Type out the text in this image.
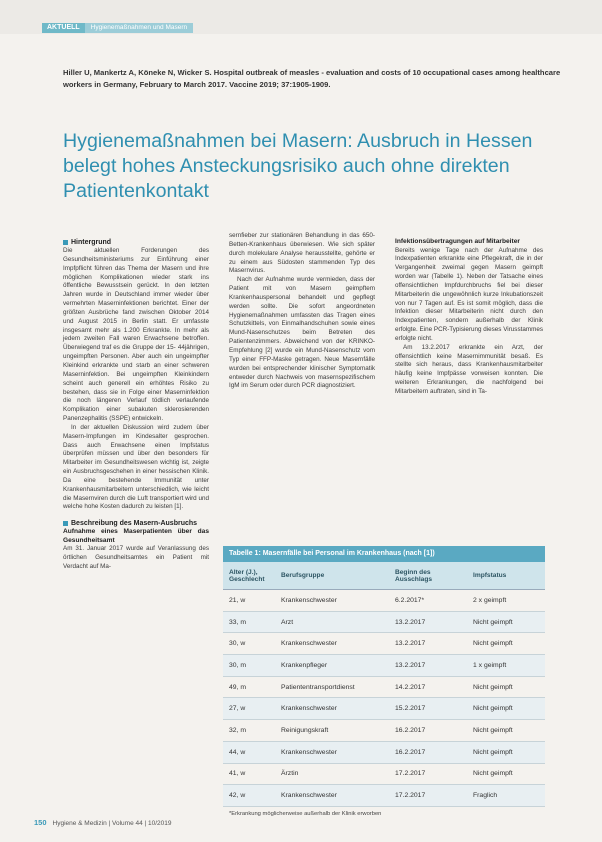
AKTUELL	Hygienemaßnahmen und Masern
Hiller U, Mankertz A, Köneke N, Wicker S. Hospital outbreak of measles - evaluation and costs of 10 occupational cases among healthcare workers in Germany, February to March 2017. Vaccine 2019; 37:1905-1909.
Hygienemaßnahmen bei Masern: Ausbruch in Hessen belegt hohes Ansteckungsrisiko auch ohne direkten Patientenkontakt

Hintergrund

Die aktuellen Forderungen des Gesundheitsministeriums zur Einführung einer Impfpflicht führen das Thema der Masern und ihre möglichen Komplikationen wieder stark ins öffentliche Bewusstsein gerückt. In den letzten Jahren wurde in Deutschland immer wieder über vermehrten Maserninfektionen berichtet. Einer der größten Ausbrüche fand zwischen Oktober 2014 und August 2015 in Berlin statt. Er umfasste insgesamt mehr als 1.200 Erkrankte. In mehr als jedem zweiten Fall waren Erwachsene betroffen. Überwiegend traf es die Gruppe der 15- 44jährigen, ungeimpften Personen. Aber auch ein ungeimpfter Kleinkind erkrankte und starb an einer schweren Maserninfektion. Bei ungeimpften Kleinkindern scheint auch generell ein erhöhtes Risiko zu bestehen, dass sie in Folge einer Maserninfektion die noch längeren Verlauf tödlich verlaufende Komplikation einer subakuten sklerosierenden Panenzephalitis (SSPE) entwickeln.

In der aktuellen Diskussion wird zudem über Masern-Impfungen im Kindesalter gesprochen. Dass auch Erwachsene einen Impfstatus überprüfen müssen und über den besonders für Mitarbeiter im Gesundheitswesen wichtig ist, zeigte ein Ausbruchsgeschehen in einer hessischen Klinik. Da eine bestehende Immunität unter Krankenhausmitarbeitern unterschiedlich, wie leicht die Masernviren durch die Luft transportiert wird und welche hohe Kosten dadurch zu leisten [1].

Beschreibung des Masern-Ausbruchs

Aufnahme eines Maserpatienten über das Gesundheitsamt

Am 31. Januar 2017 wurde auf Veranlassung des örtlichen Gesundheitsamtes ein Patient mit Verdacht auf Ma-

sernfieber zur stationären Behandlung in das 650-Betten-Krankenhaus überwiesen. Wie sich später durch molekulare Analyse herausstellte, gehörte er zu einem aus Südosten stammenden Typ des Masernvirus.

Nach der Aufnahme wurde vermieden, dass der Patient mit von Masern geimpftem Krankenhauspersonal behandelt und gepflegt werden sollte. Die sofort angeordneten Hygienemaßnahmen umfassten das Tragen eines Schutzkittels, von Einmalhandschuhen sowie eines Mund-Nasenschutzes beim Betreten des Patientenzimmers. Abweichend von der KRINKO-Empfehlung [2] wurde ein Mund-Nasenschutz vom Typ einer FFP-Maske getragen. Neue Masernfälle wurden bei entsprechender klinischer Symptomatik entweder durch Nachweis von masernspezifischem IgM im Serum oder durch PCR diagnostiziert.

Infektionsübertragungen auf Mitarbeiter

Bereits wenige Tage nach der Aufnahme des Indexpatienten erkrankte eine Pflegekraft, die in der Vergangenheit zweimal gegen Masern geimpft worden war (Tabelle 1). Neben der Tatsache eines offensichtlichen Impfdurchbruchs fiel bei dieser Mitarbeiterin die ungewöhnlich kurze Inkubationszeit von nur 7 Tagen auf. Es ist somit möglich, dass die Infektion dieser Mitarbeiterin nicht durch den Indexpatienten, sondern außerhalb der Klinik erfolgte. Eine PCR-Typisierung dieses Virusstammes erfolgte nicht.

Am 13.2.2017 erkrankte ein Arzt, der offensichtlich keine Masernimmunität besaß. Es stellte sich heraus, dass Krankenhausmitarbeiter häufig keine Impfpässe vorweisen konnten. Die weiteren Erkrankungen, die nachfolgend bei Mitarbeitern auftraten, sind in Ta-

Tabelle 1: Masernfälle bei Personal im Krankenhaus (nach [1])
Alter (J.), Geschlecht	Berufsgruppe	Beginn des Ausschlags	Impfstatus
21, w	Krankenschwester	6.2.2017*	2 x geimpft
33, m	Arzt	13.2.2017	Nicht geimpft
30, w	Krankenschwester	13.2.2017	Nicht geimpft
30, m	Krankenpfleger	13.2.2017	1 x geimpft
49, m	Patiententransportdienst	14.2.2017	Nicht geimpft
27, w	Krankenschwester	15.2.2017	Nicht geimpft
32, m	Reinigungskraft	16.2.2017	Nicht geimpft
44, w	Krankenschwester	16.2.2017	Nicht geimpft
41, w	Ärztin	17.2.2017	Nicht geimpft
42, w	Krankenschwester	17.2.2017	Fraglich
*Erkrankung möglicherweise außerhalb der Klinik erworben
150 Hygiene & Medizin | Volume 44 | 10/2019
